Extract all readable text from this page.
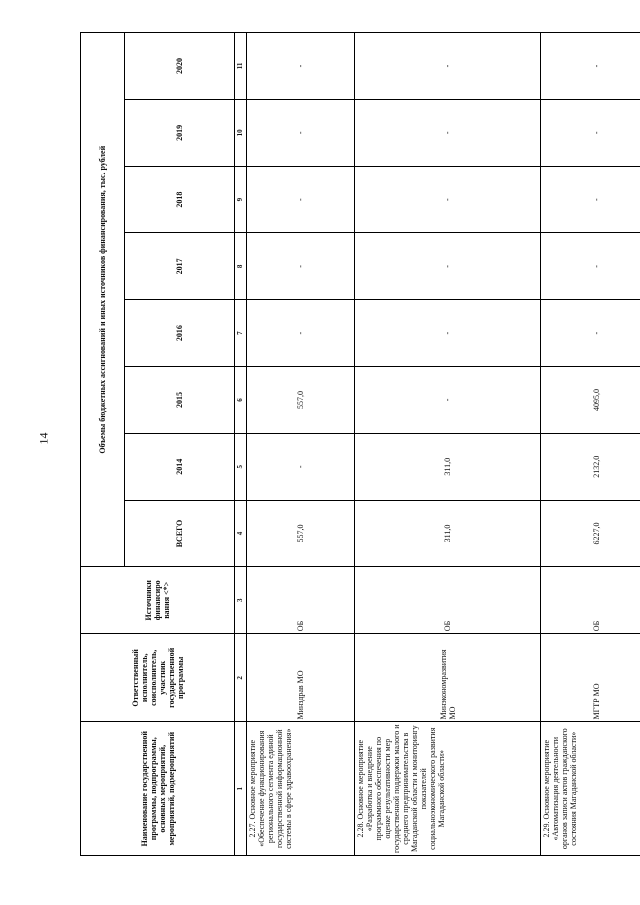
14
Наименование государственной программы, подпрограммы, основных мероприятий, мероприятий, подмероприятий	Ответственный исполнитель, соисполнитель, участник государственной программы	Источники финансиро вания <*>	Объемы бюджетных ассигнований и иных источников финансирования, тыс. рублей							
			ВСЕГО	2014	2015	2016	2017	2018	2019	2020
1	2	3	4	5	6	7	8	9	10	11
2.27. Основное мероприятие «Обеспечение функционирования регионального сегмента единой государственной информационной системы в сфере здравоохранения»	Минздрав МО	ОБ	557,0	-	557,0	-	-	-	-	-
2.28. Основное мероприятие «Разработка и внедрение программного обеспечения по оценке результативности мер государственной поддержки малого и среднего предпринимательства в Магаданской области и мониторингу показателей социальноэкономического развития Магаданской области»	Минэкономразвития МО	ОБ	311,0	311,0	-	-	-	-	-	-
2.29. Основное мероприятие «Автоматизация деятельности органов записи актов гражданского состояния Магаданской области»	МГТР МО	ОБ	6227,0	2132,0	4095,0	-	-	-	-	-
